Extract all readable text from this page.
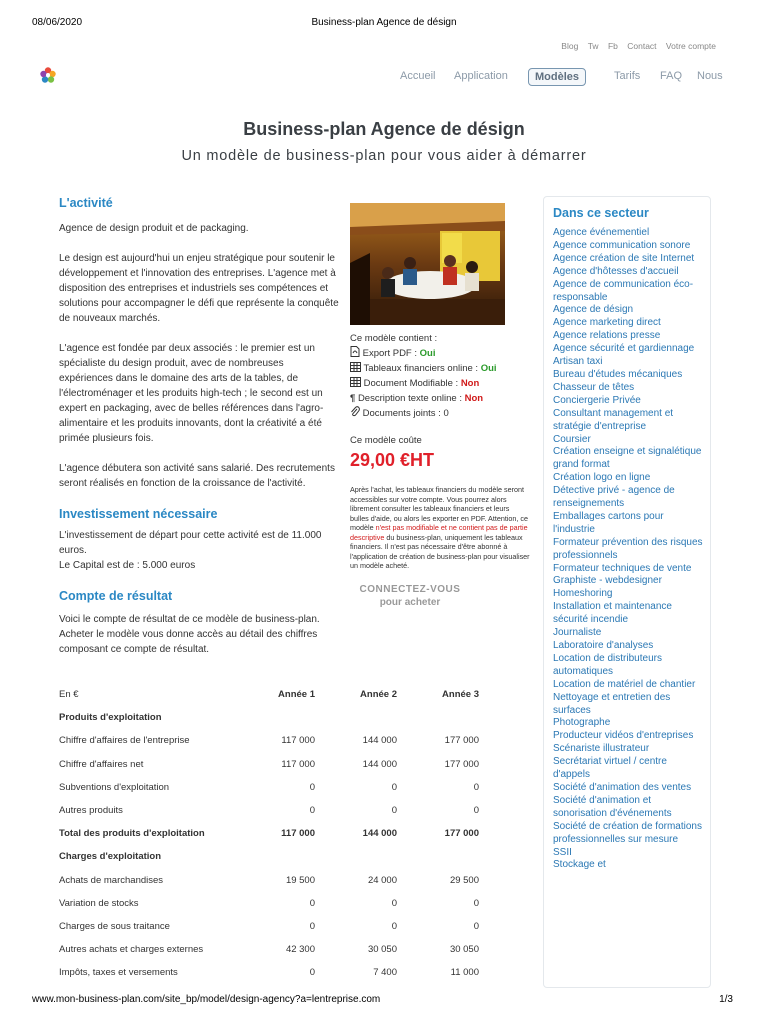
08/06/2020	Business-plan Agence de désign
Blog Tw Fb Contact Votre compte
Accueil Application	Modèles	Tarifs FAQ Nous
Business-plan Agence de désign
Un modèle de business-plan pour vous aider à démarrer
L'activité

Agence de design produit et de packaging.

Le design est aujourd'hui un enjeu stratégique pour soutenir le développement et l'innovation des entreprises. L'agence met à disposition des entreprises et industriels ses compétences et solutions pour accompagner le défi que représente la conquête de nouveaux marchés.

L'agence est fondée par deux associés : le premier est un spécialiste du design produit, avec de nombreuses expériences dans le domaine des arts de la tables, de l'électroménager et les produits high-tech ; le second est un expert en packaging, avec de belles références dans l'agro-alimentaire et les produits innovants, dont la créativité a été primée plusieurs fois.

L'agence débutera son activité sans salarié. Des recrutements seront réalisés en fonction de la croissance de l'activité.

Investissement nécessaire

L'investissement de départ pour cette activité est de 11.000 euros.

Le Capital est de : 5.000 euros

Compte de résultat

Voici le compte de résultat de ce modèle de business-plan. Acheter le modèle vous donne accès au détail des chiffres composant ce compte de résultat.

En €	Année 1	Année 2	Année 3
Produits d'exploitation			
Chiffre d'affaires de l'entreprise	117 000	144 000	177 000
Chiffre d'affaires net	117 000	144 000	177 000
Subventions d'exploitation	0	0	0
Autres produits	0	0	0
Total des produits d'exploitation	117 000	144 000	177 000
Charges d'exploitation			
Achats de marchandises	19 500	24 000	29 500
Variation de stocks	0	0	0
Charges de sous traitance	0	0	0
Autres achats et charges externes	42 300	30 050	30 050
Impôts, taxes et versements	0	7 400	11 000
Ce modèle contient :
Export PDF : Oui
Tableaux financiers online : Oui
Document Modifiable : Non
¶ Description texte online : Non
Documents joints : 0
Ce modèle coûte
29,00 €HT
Après l'achat, les tableaux financiers du modèle seront accessibles sur votre compte. Vous pourrez alors librement consulter les tableaux financiers et leurs bulles d'aide, ou alors les exporter en PDF. Attention, ce modèle n'est pas modifiable et ne contient pas de partie descriptive du business-plan, uniquement les tableaux financiers. Il n'est pas nécessaire d'être abonné à l'application de création de business-plan pour visualiser un modèle acheté.
CONNECTEZ-VOUS
pour acheter
Dans ce secteur
Agence événementiel
Agence communication sonore
Agence création de site Internet
Agence d'hôtesses d'accueil
Agence de communication éco-responsable
Agence de désign
Agence marketing direct
Agence relations presse
Agence sécurité et gardiennage
Artisan taxi
Bureau d'études mécaniques
Chasseur de têtes
Conciergerie Privée
Consultant management et stratégie d'entreprise
Coursier
Création enseigne et signalétique grand format
Création logo en ligne
Détective privé - agence de renseignements
Emballages cartons pour l'industrie
Formateur prévention des risques professionnels
Formateur techniques de vente
Graphiste - webdesigner
Homeshoring
Installation et maintenance sécurité incendie
Journaliste
Laboratoire d'analyses
Location de distributeurs automatiques
Location de matériel de chantier
Nettoyage et entretien des surfaces
Photographe
Producteur vidéos d'entreprises
Scénariste illustrateur
Secrétariat virtuel / centre d'appels
Société d'animation des ventes
Société d'animation et sonorisation d'événements
Société de création de formations professionnelles sur mesure
SSII
Stockage et
www.mon-business-plan.com/site_bp/model/design-agency?a=lentreprise.com	1/3
